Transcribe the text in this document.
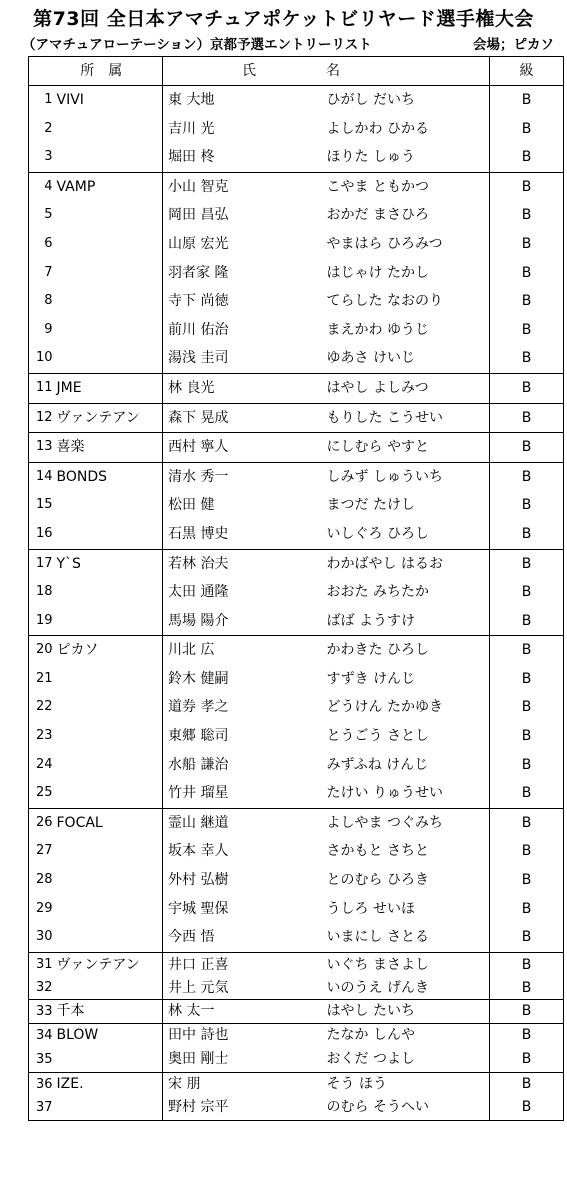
第73回 全日本アマチュアポケットビリヤード選手権大会
（アマチュアローテーション）京都予選エントリーリスト	会場；ピカソ
	所属	氏名		級
1	VIVI	東 大地	ひがし だいち	B
2		吉川 光	よしかわ ひかる	B
3		堀田 柊	ほりた しゅう	B
4	VAMP	小山 智克	こやま ともかつ	B
5		岡田 昌弘	おかだ まさひろ	B
6		山原 宏光	やまはら ひろみつ	B
7		羽者家 隆	はじゃけ たかし	B
8		寺下 尚徳	てらした なおのり	B
9		前川 佑治	まえかわ ゆうじ	B
10		湯浅 圭司	ゆあさ けいじ	B
11	JME	林 良光	はやし よしみつ	B
12	ヴァンテアン	森下 晃成	もりした こうせい	B
13	喜楽	西村 寧人	にしむら やすと	B
14	BONDS	清水 秀一	しみず しゅういち	B
15		松田 健	まつだ たけし	B
16		石黒 博史	いしぐろ ひろし	B
17	Y`S	若林 治夫	わかばやし はるお	B
18		太田 通隆	おおた みちたか	B
19		馬場 陽介	ばば ようすけ	B
20	ピカソ	川北 広	かわきた ひろし	B
21		鈴木 健嗣	すずき けんじ	B
22		道券 孝之	どうけん たかゆき	B
23		東郷 聡司	とうごう さとし	B
24		水船 謙治	みずふね けんじ	B
25		竹井 瑠星	たけい りゅうせい	B
26	FOCAL	霊山 継道	よしやま つぐみち	B
27		坂本 幸人	さかもと さちと	B
28		外村 弘樹	とのむら ひろき	B
29		宇城 聖保	うしろ せいほ	B
30		今西 悟	いまにし さとる	B
31	ヴァンテアン	井口 正喜	いぐち まさよし	B
32		井上 元気	いのうえ げんき	B
33	千本	林 太一	はやし たいち	B
34	BLOW	田中 詩也	たなか しんや	B
35		奥田 剛士	おくだ つよし	B
36	IZE.	宋 朋	そう ほう	B
37		野村 宗平	のむら そうへい	B
